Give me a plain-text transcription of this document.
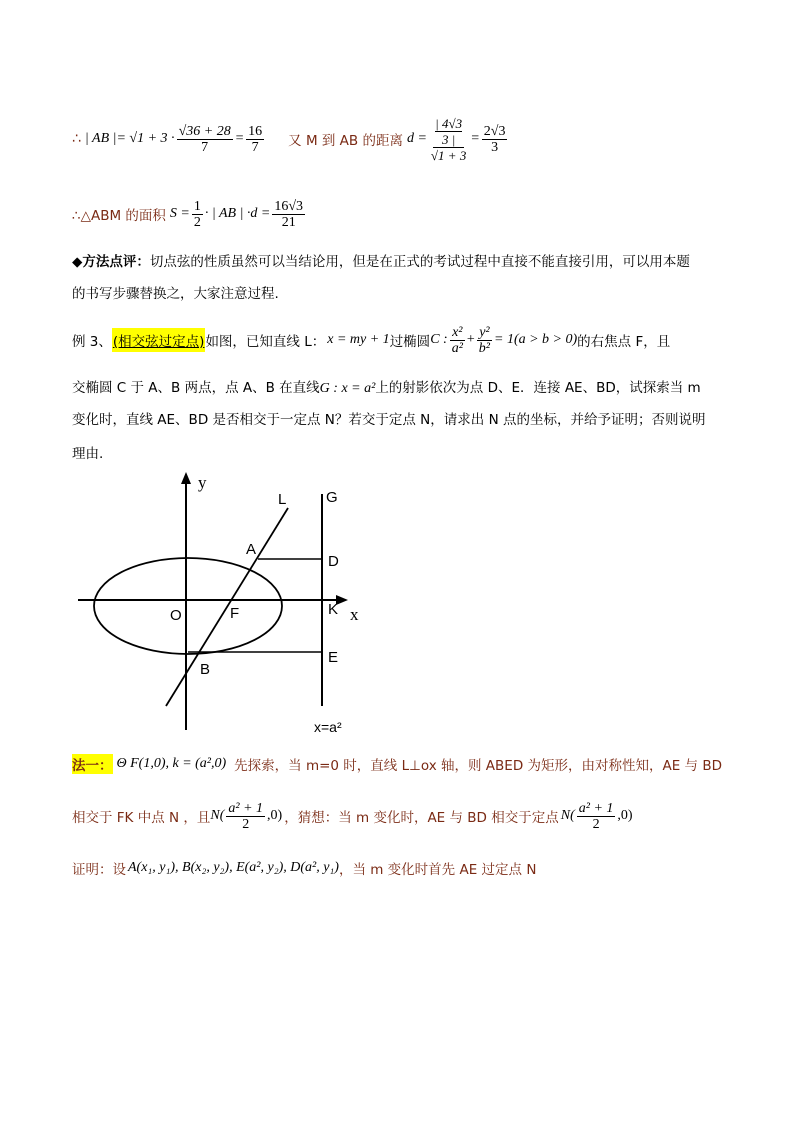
∴ | AB |= $√1 + 3 \cdot \frac{√36 + 28}{7} = \frac{16}{7}$ 又 M 到 AB 的距离 d = | 4√3
3 |
$√1 + 3 = \frac{2√3}{3}$
∴△ABM 的面积 $S = \frac{1}{2}$ · | AB | $\cdot d = \frac{16√3}{21}$
◆方法点评：切点弦的性质虽然可以当结论用，但是在正式的考试过程中直接不能直接引用，可以用本题
的书写步骤替换之，大家注意过程.
例 3、 (相交弦过定点) 如图，已知直线 L： x = my + 1 过椭圆 C : $\frac{\text{x²}}{\text{a²}} + \frac{\text{y²}}{\text{b²}} = 1(a > b > 0)$ 的右焦点 F，且
交椭圆 C 于 A、B 两点，点 A、B 在直线G : x = a²上的射影依次为点 D、E．连接 AE、BD，试探索当 m
变化时，直线 AE、BD 是否相交于一定点 N？若交于定点 N，请求出 N 点的坐标，并给予证明；否则说明
理由.
y
L	G
A
D
O	F	K x
B
E
x=a²
法一： Θ F(1,0), k = (a²,0) 先探索，当 m=0 时，直线 L⊥ox 轴，则 ABED 为矩形，由对称性知，AE 与 BD
相交于 FK 中点 N ，且 $N( \frac{\text{a² + 1}}{2} ,0)$ ，猜想：当 m 变化时，AE 与 BD 相交于定点 $N( \frac{\text{a² + 1}}{2} ,0)$
证明：设 A(x₁, y₁), B(x₂, y₂), E(a², y₂), D(a², y₁) ，当 m 变化时首先 AE 过定点 N
